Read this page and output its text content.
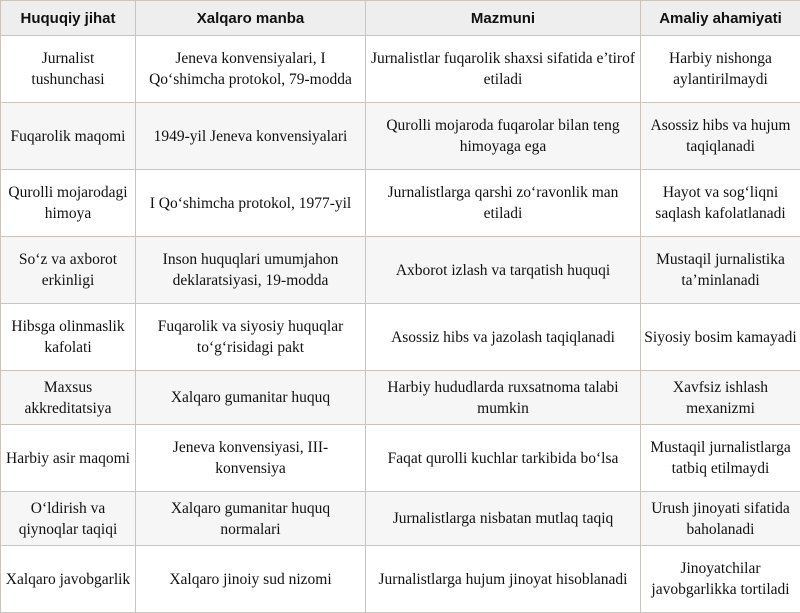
Huquqiy jihat	Xalqaro manba	Mazmuni	Amaliy ahamiyati
Jurnalist tushunchasi	Jeneva konvensiyalari, I Qo‘shimcha protokol, 79-modda	Jurnalistlar fuqarolik shaxsi sifatida e’tirof etiladi	Harbiy nishonga aylantirilmaydi
Fuqarolik maqomi	1949-yil Jeneva konvensiyalari	Qurolli mojaroda fuqarolar bilan teng himoyaga ega	Asossiz hibs va hujum taqiqlanadi
Qurolli mojarodagi himoya	I Qo‘shimcha protokol, 1977-yil	Jurnalistlarga qarshi zo‘ravonlik man etiladi	Hayot va sog‘liqni saqlash kafolatlanadi
So‘z va axborot erkinligi	Inson huquqlari umumjahon deklaratsiyasi, 19-modda	Axborot izlash va tarqatish huquqi	Mustaqil jurnalistika ta’minlanadi
Hibsga olinmaslik kafolati	Fuqarolik va siyosiy huquqlar to‘g‘risidagi pakt	Asossiz hibs va jazolash taqiqlanadi	Siyosiy bosim kamayadi
Maxsus akkreditatsiya	Xalqaro gumanitar huquq	Harbiy hududlarda ruxsatnoma talabi mumkin	Xavfsiz ishlash mexanizmi
Harbiy asir maqomi	Jeneva konvensiyasi, III-konvensiya	Faqat qurolli kuchlar tarkibida bo‘lsa	Mustaqil jurnalistlarga tatbiq etilmaydi
O‘ldirish va qiynoqlar taqiqi	Xalqaro gumanitar huquq normalari	Jurnalistlarga nisbatan mutlaq taqiq	Urush jinoyati sifatida baholanadi
Xalqaro javobgarlik	Xalqaro jinoiy sud nizomi	Jurnalistlarga hujum jinoyat hisoblanadi	Jinoyatchilar javobgarlikka tortiladi
